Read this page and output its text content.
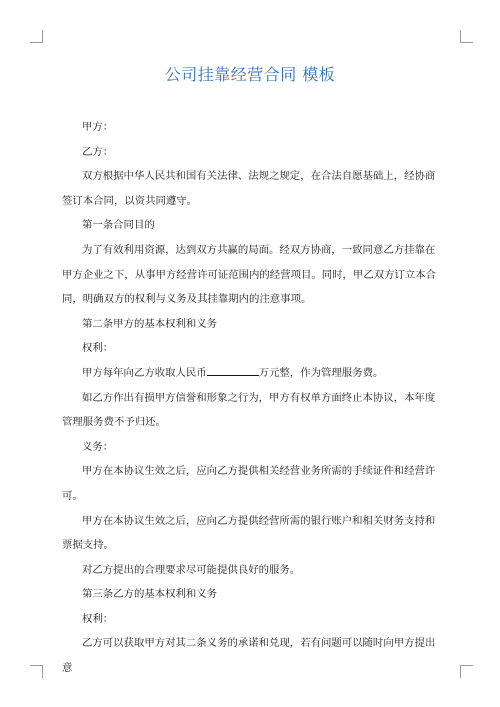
公司挂靠经营合同 模板

甲方：

乙方：

双方根据中华人民共和国有关法律、法规之规定，在合法自愿基础上，经协商签订本合同，以资共同遵守。

第一条合同目的

为了有效利用资源，达到双方共赢的局面。经双方协商，一致同意乙方挂靠在甲方企业之下，从事甲方经营许可证范围内的经营项目。同时，甲乙双方订立本合同，明确双方的权利与义务及其挂靠期内的注意事项。

第二条甲方的基本权利和义务

权利：

甲方每年向乙方收取人民币	万元整，作为管理服务费。

如乙方作出有损甲方信誉和形象之行为，甲方有权单方面终止本协议，本年度管理服务费不予归还。

义务：

甲方在本协议生效之后，应向乙方提供相关经营业务所需的手续证件和经营许可。

甲方在本协议生效之后，应向乙方提供经营所需的银行账户和相关财务支持和票据支持。

对乙方提出的合理要求尽可能提供良好的服务。

第三条乙方的基本权利和义务

权利：

乙方可以获取甲方对其二条义务的承诺和兑现，若有问题可以随时向甲方提出意
